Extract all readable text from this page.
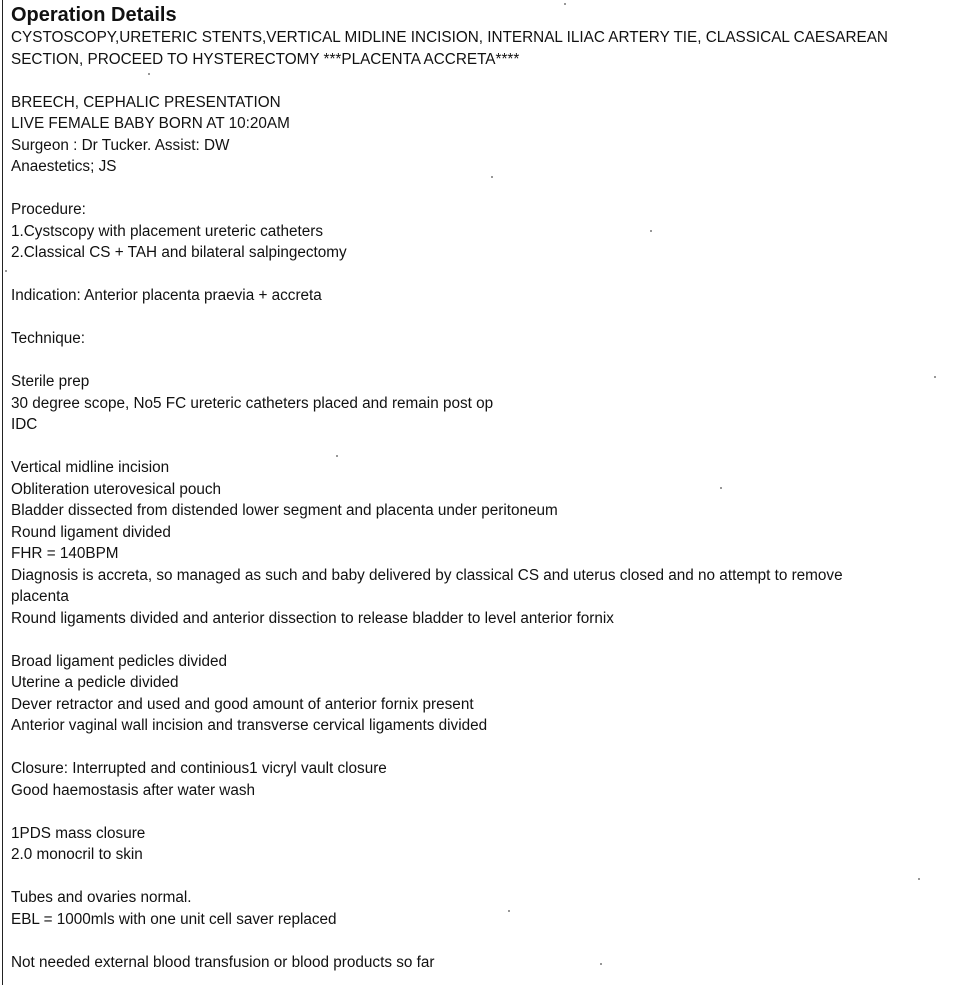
Operation Details
CYSTOSCOPY,URETERIC STENTS,VERTICAL MIDLINE INCISION, INTERNAL ILIAC ARTERY TIE, CLASSICAL CAESAREAN
SECTION, PROCEED TO HYSTERECTOMY ***PLACENTA ACCRETA****
BREECH, CEPHALIC PRESENTATION
LIVE FEMALE BABY BORN AT 10:20AM
Surgeon : Dr Tucker. Assist: DW
Anaestetics; JS
Procedure:
1.Cystscopy with placement ureteric catheters
2.Classical CS + TAH and bilateral salpingectomy
Indication: Anterior placenta praevia + accreta
Technique:
Sterile prep
30 degree scope, No5 FC ureteric catheters placed and remain post op
IDC
Vertical midline incision
Obliteration uterovesical pouch
Bladder dissected from distended lower segment and placenta under peritoneum
Round ligament divided
FHR = 140BPM
Diagnosis is accreta, so managed as such and baby delivered by classical CS and uterus closed and no attempt to remove
placenta
Round ligaments divided and anterior dissection to release bladder to level anterior fornix
Broad ligament pedicles divided
Uterine a pedicle divided
Dever retractor and used and good amount of anterior fornix present
Anterior vaginal wall incision and transverse cervical ligaments divided
Closure: Interrupted and continious1 vicryl vault closure
Good haemostasis after water wash
1PDS mass closure
2.0 monocril to skin
Tubes and ovaries normal.
EBL = 1000mls with one unit cell saver replaced
Not needed external blood transfusion or blood products so far
